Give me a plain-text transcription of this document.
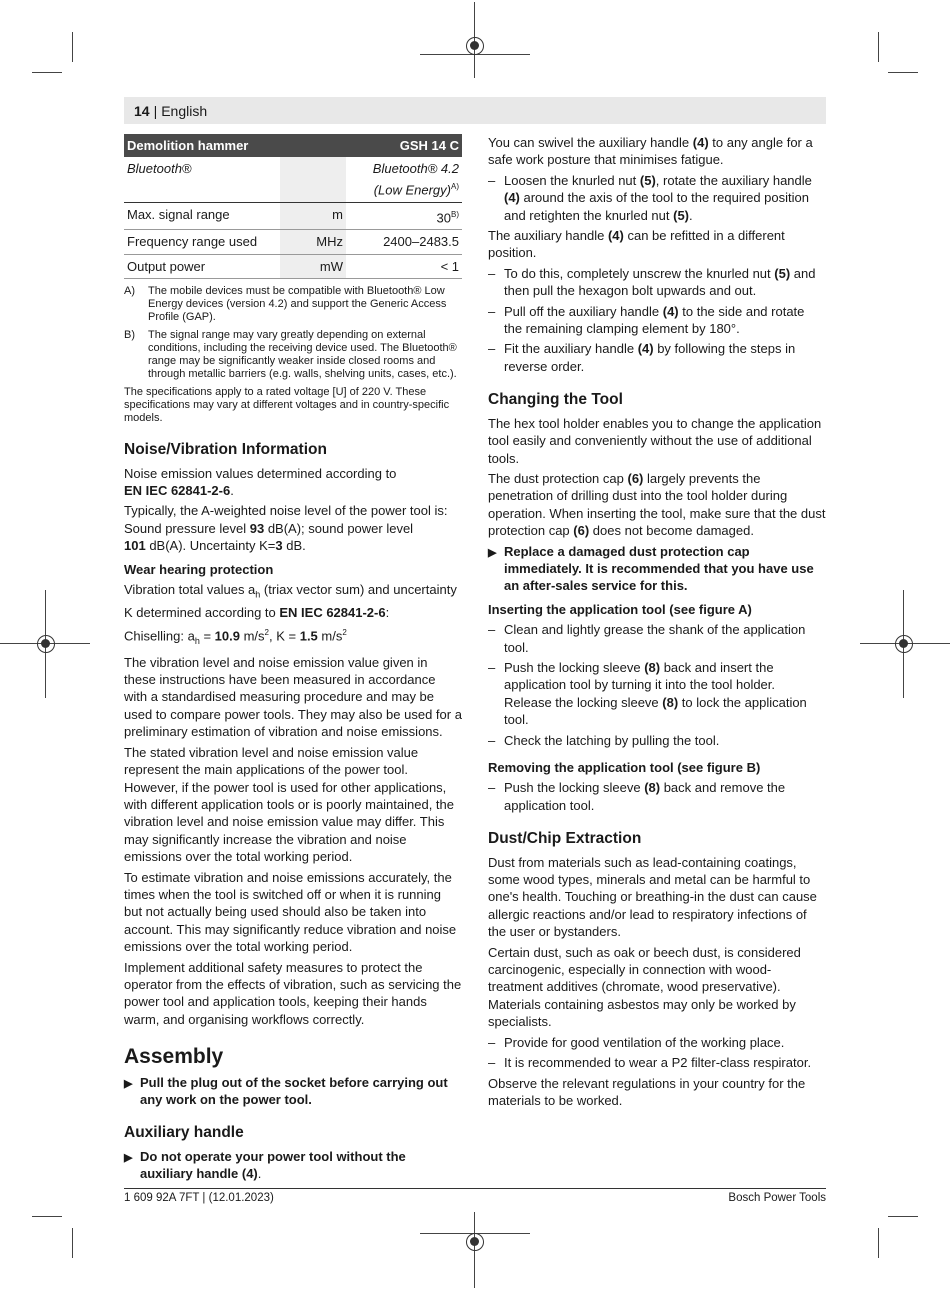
14 | English
Demolition hammer		GSH 14 C
Bluetooth®		Bluetooth® 4.2 (Low Energy)$^{A)}$
Max. signal range	m	$30^{B)}$
Frequency range used	MHz	2400–2483.5
Output power	mW	< 1
A)	The mobile devices must be compatible with Bluetooth® Low Energy devices (version 4.2) and support the Generic Access Profile (GAP).
B)	The signal range may vary greatly depending on external conditions, including the receiving device used. The Bluetooth® range may be significantly weaker inside closed rooms and through metallic barriers (e.g. walls, shelving units, cases, etc.).
The specifications apply to a rated voltage [U] of 220 V. These specifications may vary at different voltages and in country-specific models.
Noise/Vibration Information

Noise emission values determined according to
EN IEC 62841-2-6.

Typically, the A-weighted noise level of the power tool is: Sound pressure level 93 dB(A); sound power level
101 dB(A). Uncertainty K=3 dB.

Wear hearing protection

Vibration total values $a_h$ (triax vector sum) and uncertainty K determined according to EN IEC 62841-2-6:

Chiselling: $a_h = 10.9$ $m/s^2$, K = 1.5 $m/s^2$

The vibration level and noise emission value given in these instructions have been measured in accordance with a standardised measuring procedure and may be used to compare power tools. They may also be used for a preliminary estimation of vibration and noise emissions.

The stated vibration level and noise emission value represent the main applications of the power tool. However, if the power tool is used for other applications, with different application tools or is poorly maintained, the vibration level and noise emission value may differ. This may significantly increase the vibration and noise emissions over the total working period.

To estimate vibration and noise emissions accurately, the times when the tool is switched off or when it is running but not actually being used should also be taken into account. This may significantly reduce vibration and noise emissions over the total working period.

Implement additional safety measures to protect the operator from the effects of vibration, such as servicing the power tool and application tools, keeping their hands warm, and organising workflows correctly.

Assembly
▶ Pull the plug out of the socket before carrying out any work on the power tool.
Auxiliary handle
▶ Do not operate your power tool without the auxiliary handle (4).

You can swivel the auxiliary handle (4) to any angle for a safe work posture that minimises fatigue.

– Loosen the knurled nut (5), rotate the auxiliary handle (4) around the axis of the tool to the required position and retighten the knurled nut (5).

The auxiliary handle (4) can be refitted in a different position.

– To do this, completely unscrew the knurled nut (5) and then pull the hexagon bolt upwards and out.
– Pull off the auxiliary handle (4) to the side and rotate the remaining clamping element by 180°.
– Fit the auxiliary handle (4) by following the steps in reverse order.
Changing the Tool

The hex tool holder enables you to change the application tool easily and conveniently without the use of additional tools.

The dust protection cap (6) largely prevents the penetration of drilling dust into the tool holder during operation. When inserting the tool, make sure that the dust protection cap (6) does not become damaged.

▶ Replace a damaged dust protection cap immediately. It is recommended that you have use an after-sales service for this.
Inserting the application tool (see figure A)
– Clean and lightly grease the shank of the application tool.
– Push the locking sleeve (8) back and insert the application tool by turning it into the tool holder. Release the locking sleeve (8) to lock the application tool.
– Check the latching by pulling the tool.
Removing the application tool (see figure B)
– Push the locking sleeve (8) back and remove the application tool.
Dust/Chip Extraction

Dust from materials such as lead-containing coatings, some wood types, minerals and metal can be harmful to one's health. Touching or breathing-in the dust can cause allergic reactions and/or lead to respiratory infections of the user or bystanders.

Certain dust, such as oak or beech dust, is considered carcinogenic, especially in connection with wood-treatment additives (chromate, wood preservative). Materials containing asbestos may only be worked by specialists.

– Provide for good ventilation of the working place.
– It is recommended to wear a P2 filter-class respirator.

Observe the relevant regulations in your country for the materials to be worked.

1 609 92A 7FT | (12.01.2023)	Bosch Power Tools
